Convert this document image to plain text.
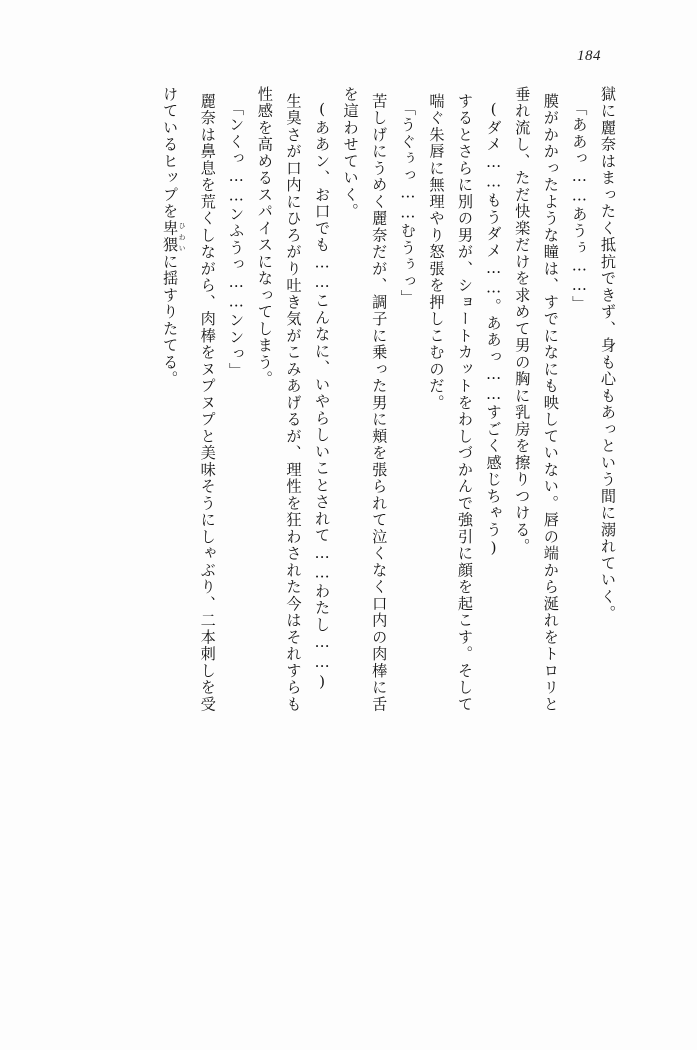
184
獄に麗奈はまったく抵抗できず、身も心もあっという間に溺れていく。
「ああっ……あうぅ……」
膜がかかったような瞳は、すでになにも映していない。唇の端から涎れをトロリと
垂れ流し、ただ快楽だけを求めて男の胸に乳房を擦りつける。
(ダメ……もうダメ……。ああっ……すごく感じちゃう)
するとさらに別の男が、ショートカットをわしづかんで強引に顔を起こす。そして
喘ぐ朱唇に無理やり怒張を押しこむのだ。
「うぐぅっ……むうぅっ」
苦しげにうめく麗奈だが、調子に乗った男に頬を張られて泣くなく口内の肉棒に舌
を這わせていく。
(ああン、お口でも……こんなに、いやらしいことされて……わたし……)
生臭さが口内にひろがり吐き気がこみあげるが、理性を狂わされた今はそれすらも
性感を高めるスパイスになってしまう。
「ンくっ……ンふうっ……ンンっ」
麗奈は鼻息を荒くしながら、肉棒をヌプヌプと美味そうにしゃぶり、二本刺しを受
けているヒップを卑猥 ひわいに揺すりたてる。
